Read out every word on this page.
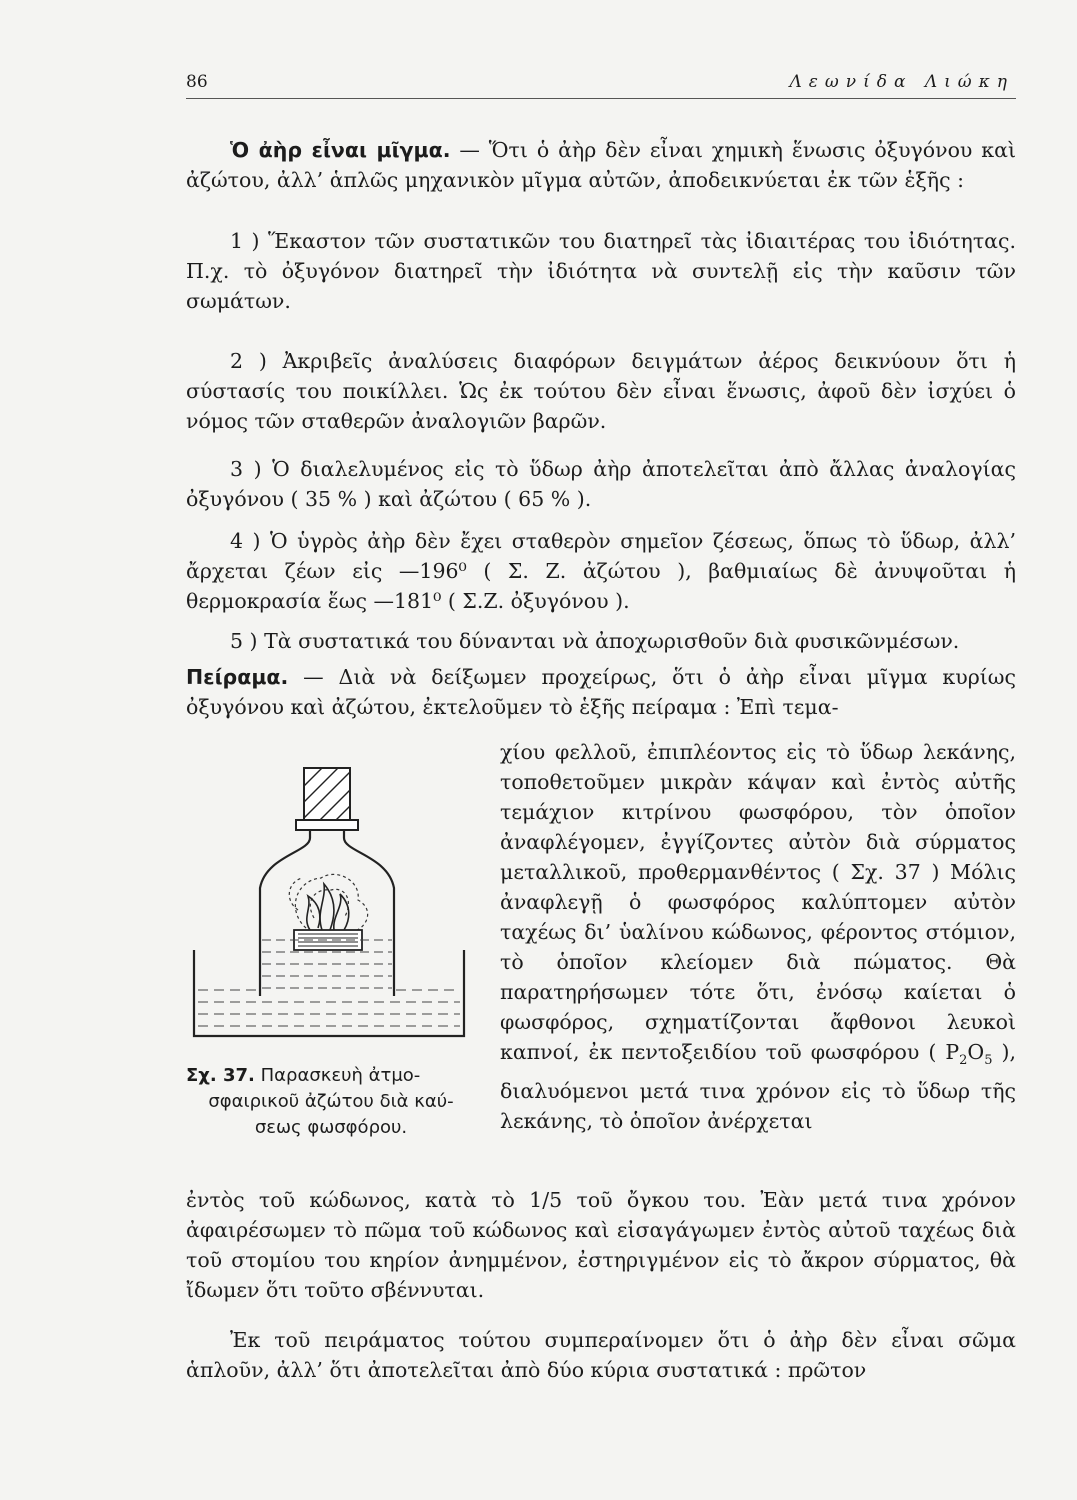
86	Λεωνίδα Λιώκη

Ὁ ἀὴρ εἶναι μῖγμα. — Ὅτι ὁ ἀὴρ δὲν εἶναι χημικὴ ἕνωσις ὀξυγόνου καὶ ἀζώτου, ἀλλ’ ἁπλῶς μηχανικὸν μῖγμα αὐτῶν, ἀποδεικνύεται ἐκ τῶν ἑξῆς :

1 ) Ἕκαστον τῶν συστατικῶν του διατηρεῖ τὰς ἰδιαιτέρας του ἰδιότητας. Π.χ. τὸ ὀξυγόνον διατηρεῖ τὴν ἰδιότητα νὰ συντελῇ εἰς τὴν καῦσιν τῶν σωμάτων.

2 ) Ἀκριβεῖς ἀναλύσεις διαφόρων δειγμάτων ἀέρος δεικνύουν ὅτι ἡ σύστασίς του ποικίλλει. Ὡς ἐκ τούτου δὲν εἶναι ἕνωσις, ἀφοῦ δὲν ἰσχύει ὁ νόμος τῶν σταθερῶν ἀναλογιῶν βαρῶν.

3 ) Ὁ διαλελυμένος εἰς τὸ ὕδωρ ἀὴρ ἀποτελεῖται ἀπὸ ἄλλας ἀναλογίας ὀξυγόνου ( 35 % ) καὶ ἀζώτου ( 65 % ).

4 ) Ὁ ὑγρὸς ἀὴρ δὲν ἔχει σταθερὸν σημεῖον ζέσεως, ὅπως τὸ ὕδωρ, ἀλλ’ ἄρχεται ζέων εἰς —196⁰ ( Σ. Ζ. ἀζώτου ), βαθμιαίως δὲ ἀνυψοῦται ἡ θερμοκρασία ἕως —181⁰ ( Σ.Ζ. ὀξυγόνου ).

5 ) Τὰ συστατικά του δύνανται νὰ ἀποχωρισθοῦν διὰ φυσικῶνμέσων.

Πείραμα. — Διὰ νὰ δείξωμεν προχείρως, ὅτι ὁ ἀὴρ εἶναι μῖγμα κυρίως ὀξυγόνου καὶ ἀζώτου, ἐκτελοῦμεν τὸ ἑξῆς πείραμα : Ἐπὶ τεμα-

χίου φελλοῦ, ἐπιπλέοντος εἰς τὸ ὕδωρ λεκάνης, τοποθετοῦμεν μικρὰν κάψαν καὶ ἐντὸς αὐτῆς τεμάχιον κιτρίνου φωσφόρου, τὸν ὁποῖον ἀναφλέγομεν, ἐγγίζοντες αὐτὸν διὰ σύρματος μεταλλικοῦ, προθερμανθέντος ( Σχ. 37 ) Μόλις ἀναφλεγῇ ὁ φωσφόρος καλύπτομεν αὐτὸν ταχέως δι’ ὑαλίνου κώδωνος, φέροντος στόμιον, τὸ ὁποῖον κλείομεν διὰ πώματος. Θὰ παρατηρήσωμεν τότε ὅτι, ἐνόσῳ καίεται ὁ φωσφόρος, σχηματίζονται ἄφθονοι λευκοὶ καπνοί, ἐκ πεντοξειδίου τοῦ φωσφόρου ( $P_2O_5$ ), διαλυόμενοι μετά τινα χρόνον εἰς τὸ ὕδωρ τῆς λεκάνης, τὸ ὁποῖον ἀνέρχεται

Σχ. 37. Παρασκευὴ ἀτμο-
σφαιρικοῦ ἀζώτου διὰ καύ-
σεως φωσφόρου.

ἐντὸς τοῦ κώδωνος, κατὰ τὸ 1/5 τοῦ ὄγκου του. Ἐὰν μετά τινα χρόνον ἀφαιρέσωμεν τὸ πῶμα τοῦ κώδωνος καὶ εἰσαγάγωμεν ἐντὸς αὐτοῦ ταχέως διὰ τοῦ στομίου του κηρίον ἀνημμένον, ἐστηριγμένον εἰς τὸ ἄκρον σύρματος, θὰ ἴδωμεν ὅτι τοῦτο σβέννυται.

Ἐκ τοῦ πειράματος τούτου συμπεραίνομεν ὅτι ὁ ἀὴρ δὲν εἶναι σῶμα ἁπλοῦν, ἀλλ’ ὅτι ἀποτελεῖται ἀπὸ δύο κύρια συστατικά : πρῶτον
